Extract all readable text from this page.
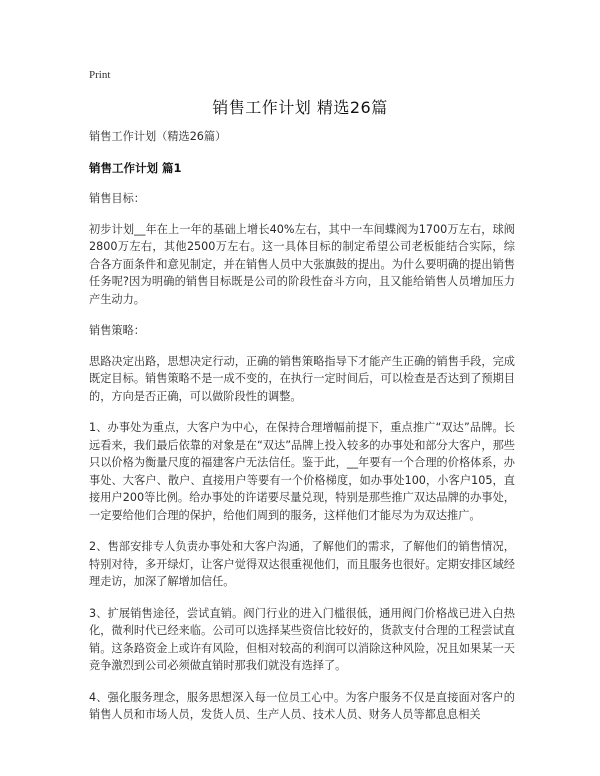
Print
销售工作计划 精选26篇

销售工作计划（精选26篇）

销售工作计划 篇1

销售目标：

初步计划__年在上一年的基础上增长40%左右，其中一车间蝶阀为1700万左右，球阀2800万左右，其他2500万左右。这一具体目标的制定希望公司老板能结合实际，综合各方面条件和意见制定，并在销售人员中大张旗鼓的提出。为什么要明确的提出销售任务呢?因为明确的销售目标既是公司的阶段性奋斗方向，且又能给销售人员增加压力产生动力。

销售策略：

思路决定出路，思想决定行动，正确的销售策略指导下才能产生正确的销售手段，完成既定目标。销售策略不是一成不变的，在执行一定时间后，可以检查是否达到了预期目的，方向是否正确，可以做阶段性的调整。

1、办事处为重点，大客户为中心，在保持合理增幅前提下，重点推广“双达”品牌。长远看来，我们最后依靠的对象是在“双达”品牌上投入较多的办事处和部分大客户，那些只以价格为衡量尺度的福建客户无法信任。鉴于此，__年要有一个合理的价格体系，办事处、大客户、散户、直接用户等要有一个价格梯度，如办事处100，小客户105，直接用户200等比例。给办事处的许诺要尽量兑现，特别是那些推广双达品牌的办事处，一定要给他们合理的保护，给他们周到的服务，这样他们才能尽为为双达推广。

2、售部安排专人负责办事处和大客户沟通，了解他们的需求，了解他们的销售情况，特别对待，多开绿灯，让客户觉得双达很重视他们，而且服务也很好。定期安排区域经理走访，加深了解增加信任。

3、扩展销售途径，尝试直销。阀门行业的进入门槛很低，通用阀门价格战已进入白热化，微利时代已经来临。公司可以选择某些资信比较好的，货款支付合理的工程尝试直销。这条路资金上或许有风险，但相对较高的利润可以消除这种风险，况且如果某一天竞争激烈到公司必须做直销时那我们就没有选择了。

4、强化服务理念，服务思想深入每一位员工心中。为客户服务不仅是直接面对客户的销售人员和市场人员，发货人员、生产人员、技术人员、财务人员等都息息相关
